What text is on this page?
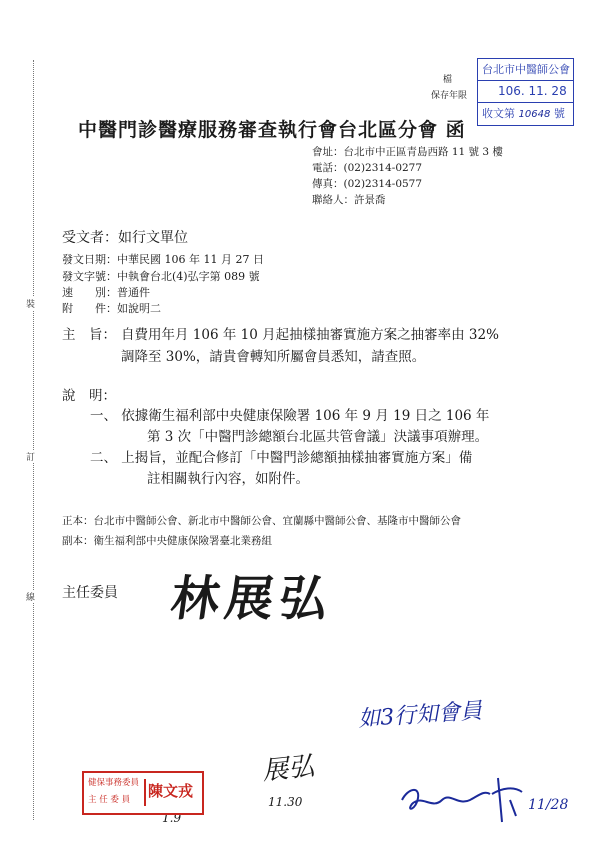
裝
訂
線
檔
保存年限
台北市中醫師公會
106. 11. 28
收文第 10648 號
中醫門診醫療服務審查執行會台北區分會 函
會址：台北市中正區青島西路 11 號 3 樓
電話：(02)2314-0277
傳真：(02)2314-0577
聯絡人：許景喬
受文者：如行文單位
發文日期：中華民國 106 年 11 月 27 日
發文字號：中執會台北(4)弘字第 089 號
速　　別：普通件
附　　件：如說明二
主　旨： 自費用年月 106 年 10 月起抽樣抽審實施方案之抽審率由 32%
調降至 30%，請貴會轉知所屬會員悉知，請查照。
說　明：
一、 依據衛生福利部中央健康保險署 106 年 9 月 19 日之 106 年
第 3 次「中醫門診總額台北區共管會議」決議事項辦理。
二、 上揭旨，並配合修訂「中醫門診總額抽樣抽審實施方案」備
註相關執行內容，如附件。
正本：台北市中醫師公會、新北市中醫師公會、宜蘭縣中醫師公會、基隆市中醫師公會
副本：衛生福利部中央健康保險署臺北業務組
主任委員 林展弘
如3行知會員
展弘
11.30
1.9
11/28
健保事務委員
主 任 委 員 陳文戎
